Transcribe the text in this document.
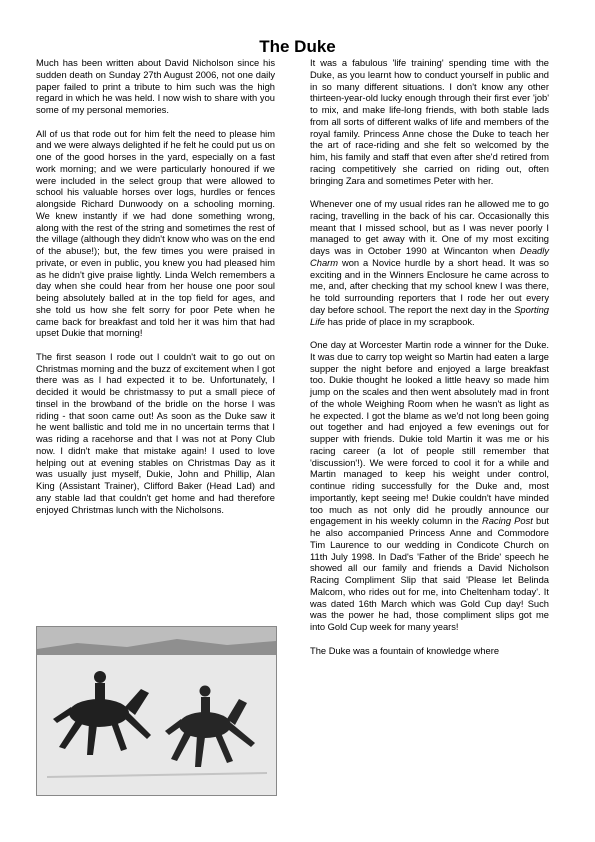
The Duke

Much has been written about David Nicholson since his sudden death on Sunday 27th August 2006, not one daily paper failed to print a tribute to him such was the high regard in which he was held. I now wish to share with you some of my personal memories.

All of us that rode out for him felt the need to please him and we were always delighted if he felt he could put us on one of the good horses in the yard, especially on a fast work morning; and we were particularly honoured if we were included in the select group that were allowed to school his valuable horses over logs, hurdles or fences alongside Richard Dunwoody on a schooling morning. We knew instantly if we had done something wrong, along with the rest of the string and sometimes the rest of the village (although they didn't know who was on the end of the abuse!); but, the few times you were praised in private, or even in public, you knew you had pleased him as he didn't give praise lightly. Linda Welch remembers a day when she could hear from her house one poor soul being absolutely balled at in the top field for ages, and she told us how she felt sorry for poor Pete when he came back for breakfast and told her it was him that had upset Dukie that morning!

The first season I rode out I couldn't wait to go out on Christmas morning and the buzz of excitement when I got there was as I had expected it to be. Unfortunately, I decided it would be christmassy to put a small piece of tinsel in the browband of the bridle on the horse I was riding - that soon came out! As soon as the Duke saw it he went ballistic and told me in no uncertain terms that I was riding a racehorse and that I was not at Pony Club now. I didn't make that mistake again! I used to love helping out at evening stables on Christmas Day as it was usually just myself, Dukie, John and Phillip, Alan King (Assistant Trainer), Clifford Baker (Head Lad) and any stable lad that couldn't get home and had therefore enjoyed Christmas lunch with the Nicholsons.

It was a fabulous 'life training' spending time with the Duke, as you learnt how to conduct yourself in public and in so many different situations. I don't know any other thirteen-year-old lucky enough through their first ever 'job' to mix, and make life-long friends, with both stable lads from all sorts of different walks of life and members of the royal family. Princess Anne chose the Duke to teach her the art of race-riding and she felt so welcomed by the him, his family and staff that even after she'd retired from racing competitively she carried on riding out, often bringing Zara and sometimes Peter with her.

Whenever one of my usual rides ran he allowed me to go racing, travelling in the back of his car. Occasionally this meant that I missed school, but as I was never poorly I managed to get away with it. One of my most exciting days was in October 1990 at Wincanton when Deadly Charm won a Novice hurdle by a short head. It was so exciting and in the Winners Enclosure he came across to me, and, after checking that my school knew I was there, he told surrounding reporters that I rode her out every day before school. The report the next day in the Sporting Life has pride of place in my scrapbook.

One day at Worcester Martin rode a winner for the Duke. It was due to carry top weight so Martin had eaten a large supper the night before and enjoyed a large breakfast too. Dukie thought he looked a little heavy so made him jump on the scales and then went absolutely mad in front of the whole Weighing Room when he wasn't as light as he expected. I got the blame as we'd not long been going out together and had enjoyed a few evenings out for supper with friends. Dukie told Martin it was me or his racing career (a lot of people still remember that 'discussion'!). We were forced to cool it for a while and Martin managed to keep his weight under control, continue riding successfully for the Duke and, most importantly, kept seeing me! Dukie couldn't have minded too much as not only did he proudly announce our engagement in his weekly column in the Racing Post but he also accompanied Princess Anne and Commodore Tim Laurence to our wedding in Condicote Church on 11th July 1998. In Dad's 'Father of the Bride' speech he showed all our family and friends a David Nicholson Racing Compliment Slip that said 'Please let Belinda Malcom, who rides out for me, into Cheltenham today'. It was dated 16th March which was Gold Cup day! Such was the power he had, those compliment slips got me into Gold Cup week for many years!

The Duke was a fountain of knowledge where
